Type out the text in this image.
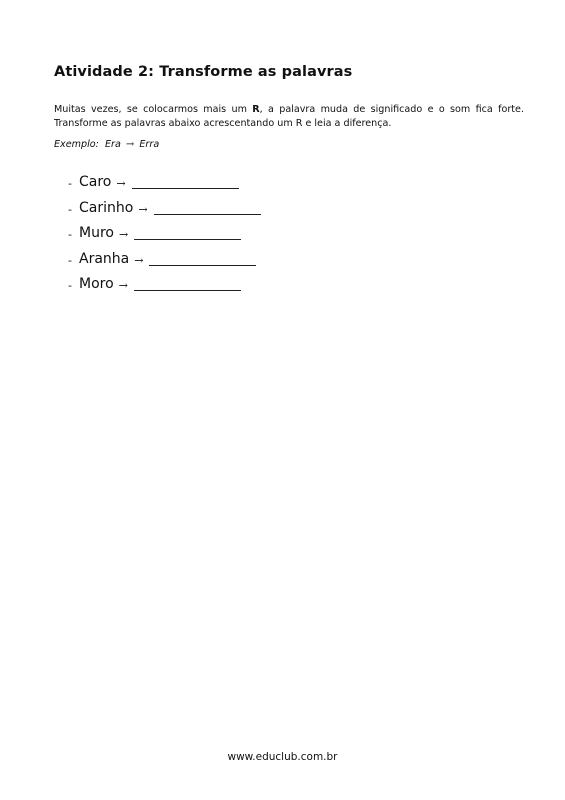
Atividade 2: Transforme as palavras

Muitas vezes, se colocarmos mais um R, a palavra muda de significado e o som fica forte. Transforme as palavras abaixo acrescentando um R e leia a diferença.

Exemplo: Era → Erra
- Caro →
- Carinho →
- Muro →
- Aranha →
- Moro →
www.educlub.com.br
